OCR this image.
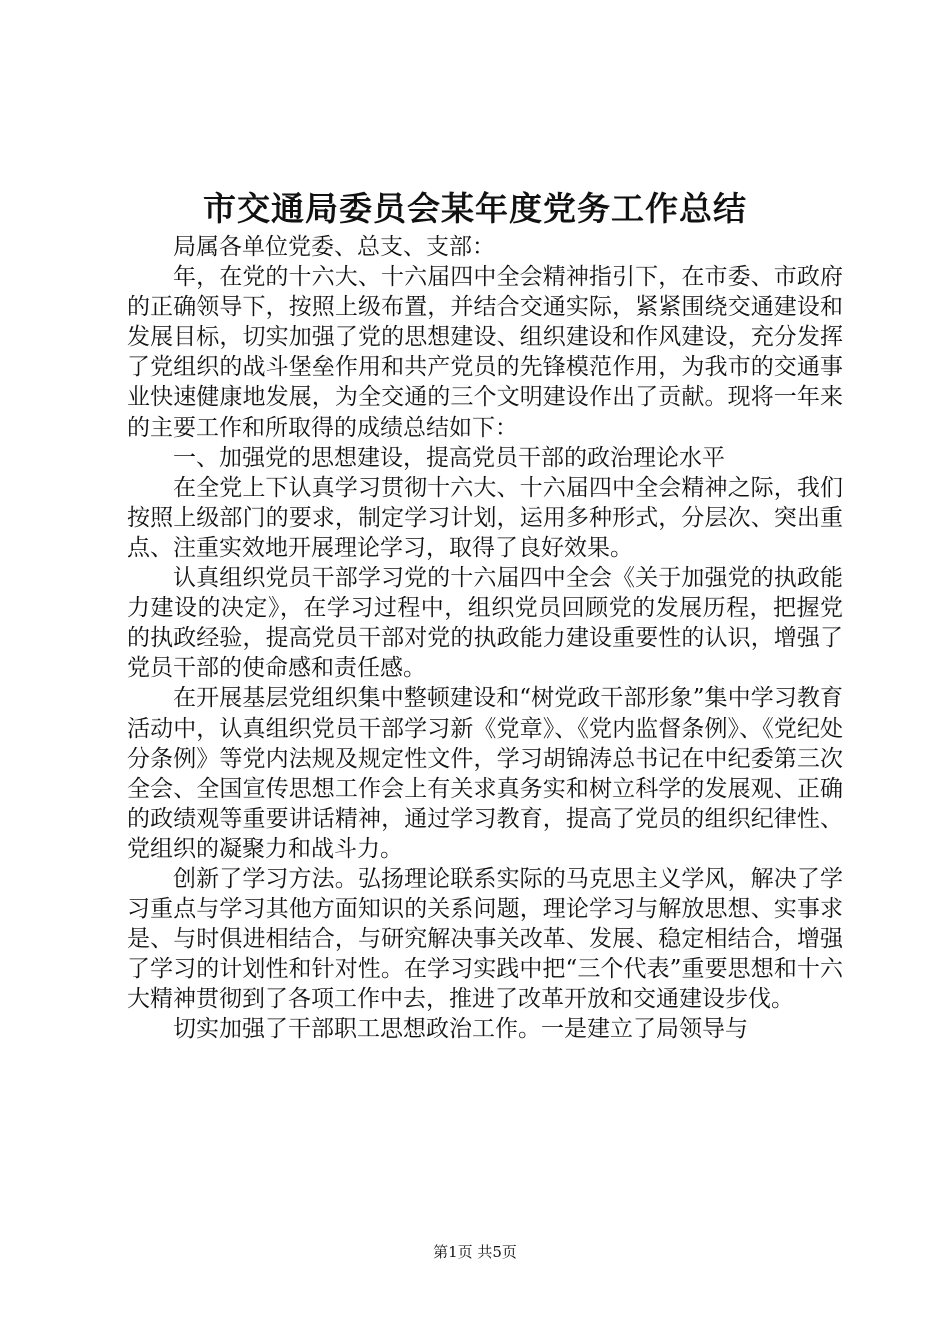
市交通局委员会某年度党务工作总结

局属各单位党委、总支、支部：

年，在党的十六大、十六届四中全会精神指引下，在市委、市政府的正确领导下，按照上级布置，并结合交通实际，紧紧围绕交通建设和发展目标，切实加强了党的思想建设、组织建设和作风建设，充分发挥了党组织的战斗堡垒作用和共产党员的先锋模范作用，为我市的交通事业快速健康地发展，为全交通的三个文明建设作出了贡献。现将一年来的主要工作和所取得的成绩总结如下：

一、加强党的思想建设，提高党员干部的政治理论水平

在全党上下认真学习贯彻十六大、十六届四中全会精神之际，我们按照上级部门的要求，制定学习计划，运用多种形式，分层次、突出重点、注重实效地开展理论学习，取得了良好效果。

认真组织党员干部学习党的十六届四中全会《关于加强党的执政能力建设的决定》，在学习过程中，组织党员回顾党的发展历程，把握党的执政经验，提高党员干部对党的执政能力建设重要性的认识，增强了党员干部的使命感和责任感。

在开展基层党组织集中整顿建设和“树党政干部形象”集中学习教育活动中，认真组织党员干部学习新《党章》、《党内监督条例》、《党纪处分条例》等党内法规及规定性文件，学习胡锦涛总书记在中纪委第三次全会、全国宣传思想工作会上有关求真务实和树立科学的发展观、正确的政绩观等重要讲话精神，通过学习教育，提高了党员的组织纪律性、党组织的凝聚力和战斗力。

创新了学习方法。弘扬理论联系实际的马克思主义学风，解决了学习重点与学习其他方面知识的关系问题，理论学习与解放思想、实事求是、与时俱进相结合，与研究解决事关改革、发展、稳定相结合，增强了学习的计划性和针对性。在学习实践中把“三个代表”重要思想和十六大精神贯彻到了各项工作中去，推进了改革开放和交通建设步伐。

切实加强了干部职工思想政治工作。一是建立了局领导与

第1页 共5页
